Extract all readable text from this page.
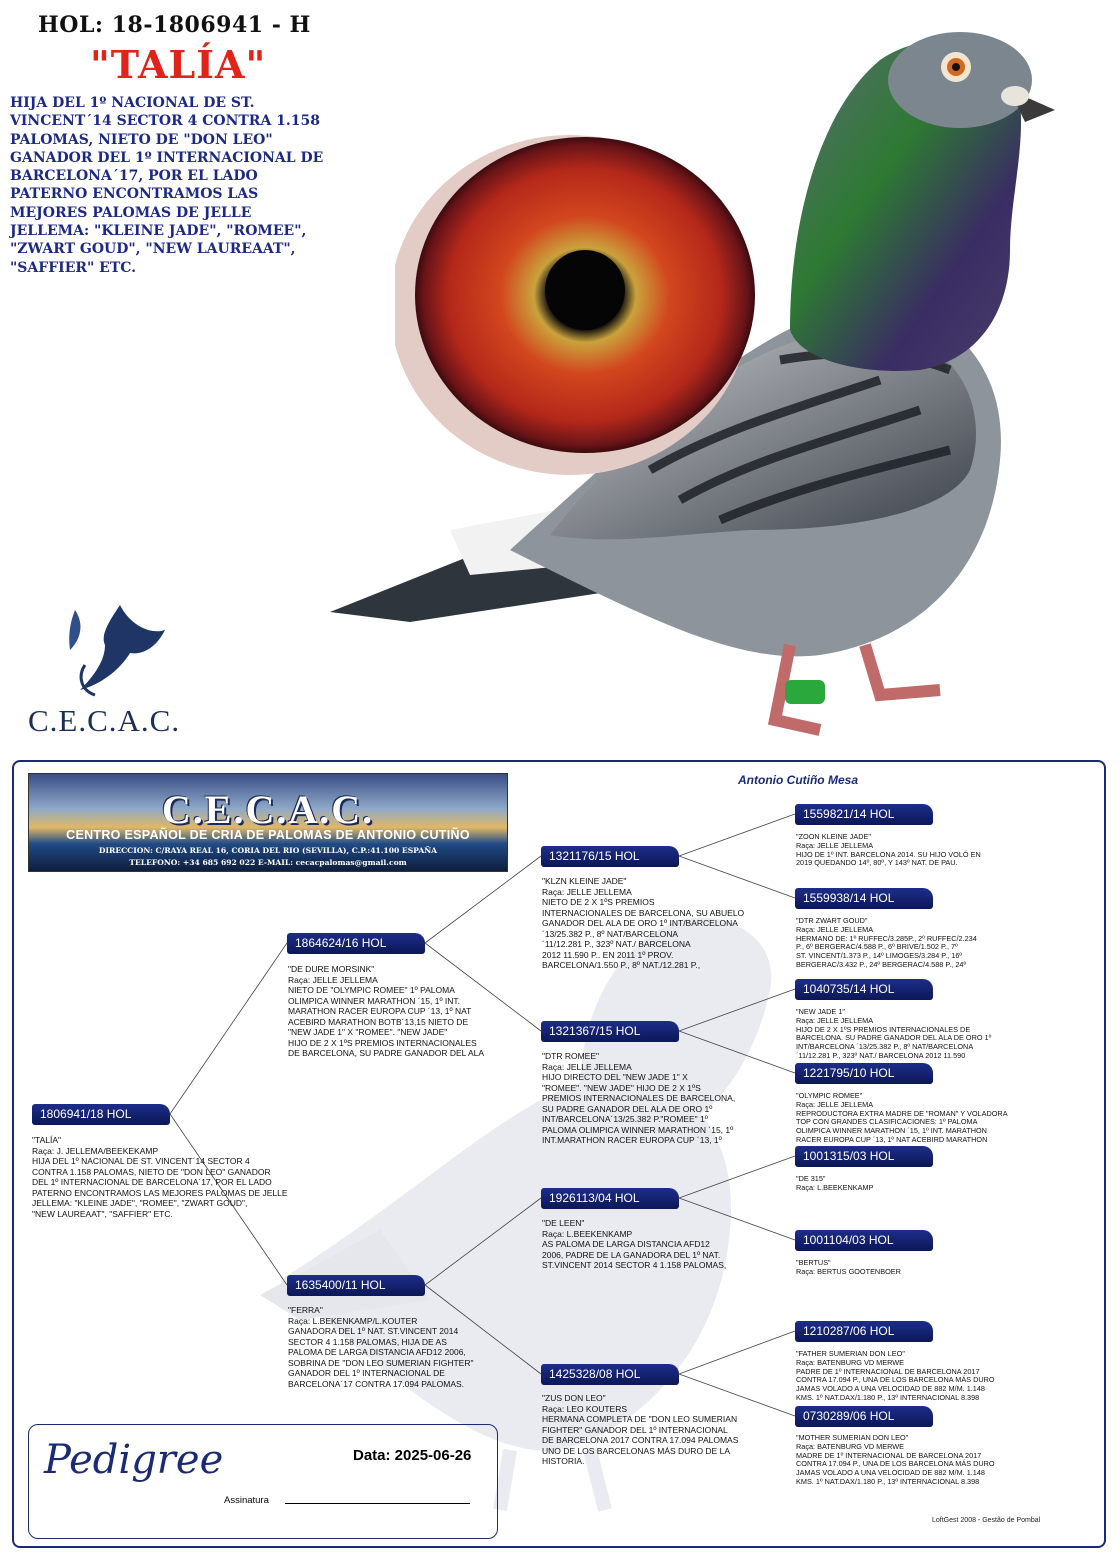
HOL: 18-1806941 - H
"TALÍA"
HIJA DEL 1º NACIONAL DE ST.
VINCENT´14 SECTOR 4 CONTRA 1.158
PALOMAS, NIETO DE "DON LEO"
GANADOR DEL 1º INTERNACIONAL DE
BARCELONA´17, POR EL LADO
PATERNO ENCONTRAMOS LAS
MEJORES PALOMAS DE JELLE
JELLEMA: "KLEINE JADE", "ROMEE",
"ZWART GOUD", "NEW LAUREAAT",
"SAFFIER" ETC.
C.E.C.A.C.
C.E.C.A.C.
CENTRO ESPAÑOL DE CRIA DE PALOMAS DE ANTONIO CUTIÑO
DIRECCION: C/RAYA REAL 16, CORIA DEL RIO (SEVILLA), C.P.:41.100 ESPAÑA
TELEFONO: +34 685 692 022 E-MAIL: cecacpalomas@gmail.com
Antonio Cutiño Mesa
1806941/18 HOL
"TALÍA"
Raça: J. JELLEMA/BEEKEKAMP
HIJA DEL 1º NACIONAL DE ST. VINCENT´14 SECTOR 4
CONTRA 1.158 PALOMAS, NIETO DE "DON LEO" GANADOR
DEL 1º INTERNACIONAL DE BARCELONA´17, POR EL LADO
PATERNO ENCONTRAMOS LAS MEJORES PALOMAS DE JELLE
JELLEMA: "KLEINE JADE", "ROMEE", "ZWART GOUD",
"NEW LAUREAAT", "SAFFIER" ETC.
1864624/16 HOL
"DE DURE MORSINK"
Raça: JELLE JELLEMA
NIETO DE "OLYMPIC ROMEE" 1º PALOMA
OLIMPICA WINNER MARATHON ´15, 1º INT.
MARATHON RACER EUROPA CUP ´13, 1º NAT
ACEBIRD MARATHON BOTB´13,15 NIETO DE
"NEW JADE 1" X "ROMEE". "NEW JADE"
HIJO DE 2 X 1ºS PREMIOS INTERNACIONALES
DE BARCELONA, SU PADRE GANADOR DEL ALA
1635400/11 HOL
"FERRA"
Raça: L.BEKENKAMP/L.KOUTER
GANADORA DEL 1º NAT. ST.VINCENT 2014
SECTOR 4 1.158 PALOMAS, HIJA DE AS
PALOMA DE LARGA DISTANCIA AFD12 2006,
SOBRINA DE "DON LEO SUMERIAN FIGHTER"
GANADOR DEL 1º INTERNACIONAL DE
BARCELONA´17 CONTRA 17.094 PALOMAS.
1321176/15 HOL
"KLZN KLEINE JADE"
Raça: JELLE JELLEMA
NIETO DE 2 X 1ºS PREMIOS
INTERNACIONALES DE BARCELONA, SU ABUELO
GANADOR DEL ALA DE ORO 1º INT/BARCELONA
´13/25.382 P., 8º NAT/BARCELONA
´11/12.281 P., 323º NAT./ BARCELONA
2012 11.590 P.. EN 2011 1º PROV.
BARCELONA/1.550 P., 8º NAT./12.281 P.,
1321367/15 HOL
"DTR ROMEE"
Raça: JELLE JELLEMA
HIJO DIRECTO DEL "NEW JADE 1" X
"ROMEE". "NEW JADE" HIJO DE 2 X 1ºS
PREMIOS INTERNACIONALES DE BARCELONA,
SU PADRE GANADOR DEL ALA DE ORO 1º
INT/BARCELONA´13/25.382 P."ROMEE" 1º
PALOMA OLIMPICA WINNER MARATHON ´15, 1º
INT.MARATHON RACER EUROPA CUP ´13, 1º
1926113/04 HOL
"DE LEEN"
Raça: L.BEEKENKAMP
AS PALOMA DE LARGA DISTANCIA AFD12
2006, PADRE DE LA GANADORA DEL 1º NAT.
ST.VINCENT 2014 SECTOR 4 1.158 PALOMAS,
1425328/08 HOL
"ZUS DON LEO"
Raça: LEO KOUTERS
HERMANA COMPLETA DE "DON LEO SUMERIAN
FIGHTER" GANADOR DEL 1º INTERNACIONAL
DE BARCELONA 2017 CONTRA 17.094 PALOMAS
UNO DE LOS BARCELONAS MÁS DURO DE LA
HISTORIA.
1559821/14 HOL
"ZOON KLEINE JADE"
Raça: JELLE JELLEMA
HIJO DE 1º INT. BARCELONA 2014. SU HIJO VOLÓ EN
2019 QUEDANDO 14º, 80º, Y 143º NAT. DE PAU.
1559938/14 HOL
"DTR ZWART GOUD"
Raça: JELLE JELLEMA
HERMANO DE: 1º RUFFEC/3.285P., 2º RUFFEC/2.234
P., 6º BERGERAC/4.588 P., 6º BRIVE/1.502 P., 7º
ST. VINCENT/1.373 P., 14º LIMOGES/3.284 P., 16º
BERGERAC/3.432 P., 24º BERGERAC/4.588 P., 24º
1040735/14 HOL
"NEW JADE 1"
Raça: JELLE JELLEMA
HIJO DE 2 X 1ºS PREMIOS INTERNACIONALES DE
BARCELONA. SU PADRE GANADOR DEL ALA DE ORO 1º
INT/BARCELONA ´13/25.382 P., 8º NAT/BARCELONA
´11/12.281 P., 323º NAT./ BARCELONA 2012 11.590
1221795/10 HOL
"OLYMPIC ROMEE"
Raça: JELLE JELLEMA
REPRODUCTORA EXTRA MADRE DE "ROMAN" Y VOLADORA
TOP CON GRANDES CLASIFICACIONES: 1º PALOMA
OLIMPICA WINNER MARATHON ´15, 1º INT. MARATHON
RACER EUROPA CUP ´13, 1º NAT ACEBIRD MARATHON
1001315/03 HOL
"DE 315"
Raça: L.BEEKENKAMP
1001104/03 HOL
"BERTUS"
Raça: BERTUS GOOTENBOER
1210287/06 HOL
"FATHER SUMERIAN DON LEO"
Raça: BATENBURG VD MERWE
PADRE DE 1º INTERNACIONAL DE BARCELONA 2017
CONTRA 17.094 P., UNA DE LOS BARCELONA MÁS DURO
JAMAS VOLADO A UNA VELOCIDAD DE 882 M/M. 1.148
KMS. 1º NAT.DAX/1.180 P., 13º INTERNACIONAL 8.398
0730289/06 HOL
"MOTHER SUMERIAN DON LEO"
Raça: BATENBURG VD MERWE
MADRE DE 1º INTERNACIONAL DE BARCELONA 2017
CONTRA 17.094 P., UNA DE LOS BARCELONA MÁS DURO
JAMAS VOLADO A UNA VELOCIDAD DE 882 M/M. 1.148
KMS. 1º NAT.DAX/1.180 P., 13º INTERNACIONAL 8.398
Pedigree	Data: 2025-06-26
Assinatura
LoftGest 2008 - Gestão de Pombal
